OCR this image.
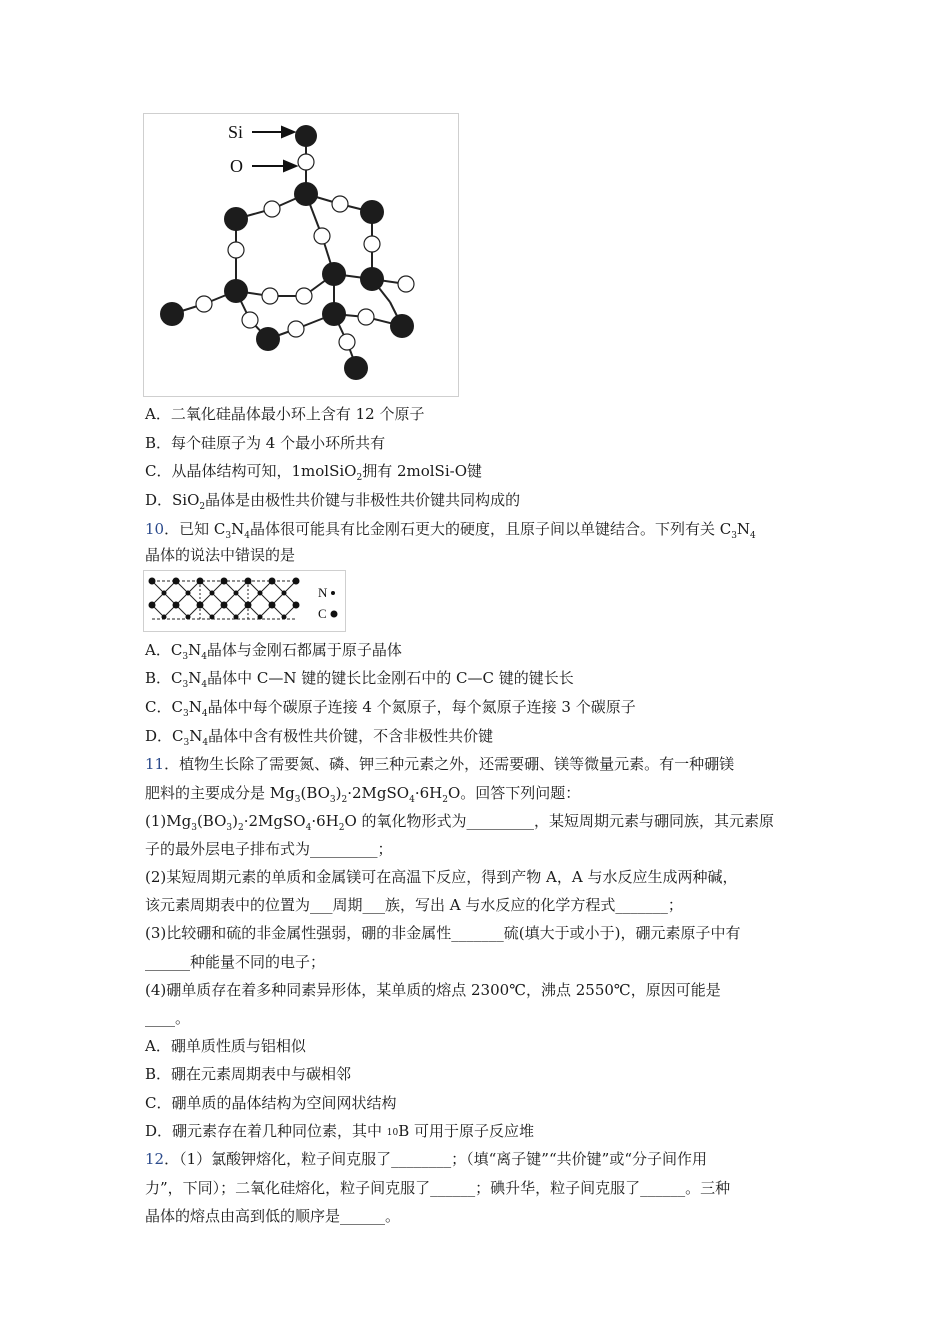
Si
O
A．二氧化硅晶体最小环上含有 12 个原子
B．每个硅原子为 4 个最小环所共有
C．从晶体结构可知，1molSiO$_2$拥有 2molSi-O键
D．SiO$_2$晶体是由极性共价键与非极性共价键共同构成的
10．已知 $C_3N_4$晶体很可能具有比金刚石更大的硬度，且原子间以单键结合。下列有关 $C_3N_4$
晶体的说法中错误的是
N
C
A．$C_3N_4$晶体与金刚石都属于原子晶体
B．$C_3N_4$晶体中 C—N 键的键长比金刚石中的 C—C 键的键长长
C．$C_3N_4$晶体中每个碳原子连接 4 个氮原子，每个氮原子连接 3 个碳原子
D．$C_3N_4$晶体中含有极性共价键，不含非极性共价键
11．植物生长除了需要氮、磷、钾三种元素之外，还需要硼、镁等微量元素。有一种硼镁
肥料的主要成分是 $Mg_3(BO_3)_2\cdot 2MgSO_4\cdot 6H_2O$。回答下列问题：
$(1)Mg_3(BO_3)_2\cdot 2MgSO_4\cdot 6H_2O$ 的氧化物形式为_________，某短周期元素与硼同族，其元素原
子的最外层电子排布式为_________；
(2)某短周期元素的单质和金属镁可在高温下反应，得到产物 A，A 与水反应生成两种碱，
该元素周期表中的位置为___周期___族，写出 A 与水反应的化学方程式_______；
(3)比较硼和硫的非金属性强弱，硼的非金属性_______硫(填大于或小于)，硼元素原子中有
______种能量不同的电子；
(4)硼单质存在着多种同素异形体，某单质的熔点 2300℃，沸点 2550℃，原因可能是
____。
A．硼单质性质与铝相似
B．硼在元素周期表中与碳相邻
C．硼单质的晶体结构为空间网状结构
D．硼元素存在着几种同位素，其中 10B 可用于原子反应堆
12．（1）氯酸钾熔化，粒子间克服了________；（填“离子键”“共价键”或“分子间作用
力”，下同）；二氧化硅熔化，粒子间克服了______；碘升华，粒子间克服了______。三种
晶体的熔点由高到低的顺序是______。
